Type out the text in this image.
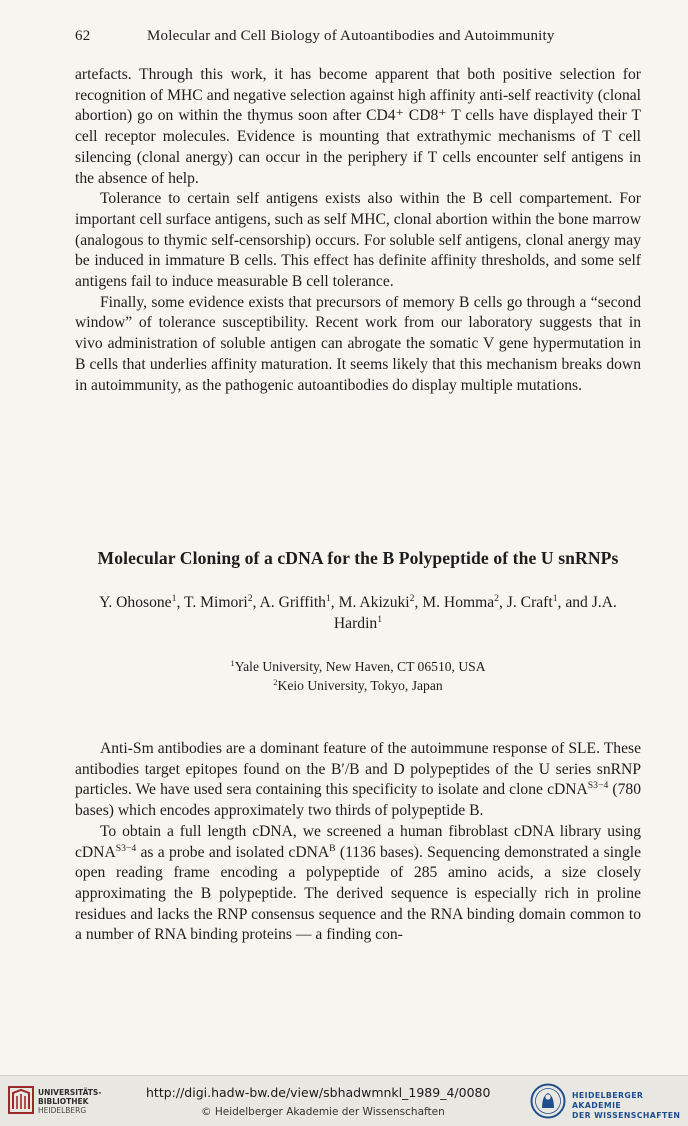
62	Molecular and Cell Biology of Autoantibodies and Autoimmunity

artefacts. Through this work, it has become apparent that both positive selection for recognition of MHC and negative selection against high affinity anti-self reactivity (clonal abortion) go on within the thymus soon after CD4⁺ CD8⁺ T cells have displayed their T cell receptor molecules. Evidence is mounting that extrathymic mechanisms of T cell silencing (clonal anergy) can occur in the periphery if T cells encounter self antigens in the absence of help.

Tolerance to certain self antigens exists also within the B cell compartement. For important cell surface antigens, such as self MHC, clonal abortion within the bone marrow (analogous to thymic self-censorship) occurs. For soluble self antigens, clonal anergy may be induced in immature B cells. This effect has definite affinity thresholds, and some self antigens fail to induce measurable B cell tolerance.

Finally, some evidence exists that precursors of memory B cells go through a “second window” of tolerance susceptibility. Recent work from our laboratory suggests that in vivo administration of soluble antigen can abrogate the somatic V gene hypermutation in B cells that underlies affinity maturation. It seems likely that this mechanism breaks down in autoimmunity, as the pathogenic autoantibodies do display multiple mutations.

Molecular Cloning of a cDNA for the B Polypeptide of the U snRNPs
Y. Ohosone$^1$, T. Mimori$^2$, A. Griffith$^1$, M. Akizuki$^2$, M. Homma$^2$, J. Craft$^1$, and J.A. Hardin$^1$
$^1$Yale University, New Haven, CT 06510, USA
$^2$Keio University, Tokyo, Japan

Anti-Sm antibodies are a dominant feature of the autoimmune response of SLE. These antibodies target epitopes found on the B′/B and D polypeptides of the U series snRNP particles. We have used sera containing this specificity to isolate and clone cDNA$^{S3-4}$ (780 bases) which encodes approximately two thirds of polypeptide B.

To obtain a full length cDNA, we screened a human fibroblast cDNA library using cDNA$^{S3-4}$ as a probe and isolated cDNA$^B$ (1136 bases). Sequencing demonstrated a single open reading frame encoding a polypeptide of 285 amino acids, a size closely approximating the B polypeptide. The derived sequence is especially rich in proline residues and lacks the RNP consensus sequence and the RNA binding domain common to a number of RNA binding proteins — a finding con-

UNIVERSITÄTS-
BIBLIOTHEK
HEIDELBERG
http://digi.hadw-bw.de/view/sbhadwmnkl_1989_4/0080
© Heidelberger Akademie der Wissenschaften
HEIDELBERGER AKADEMIE
DER WISSENSCHAFTEN
